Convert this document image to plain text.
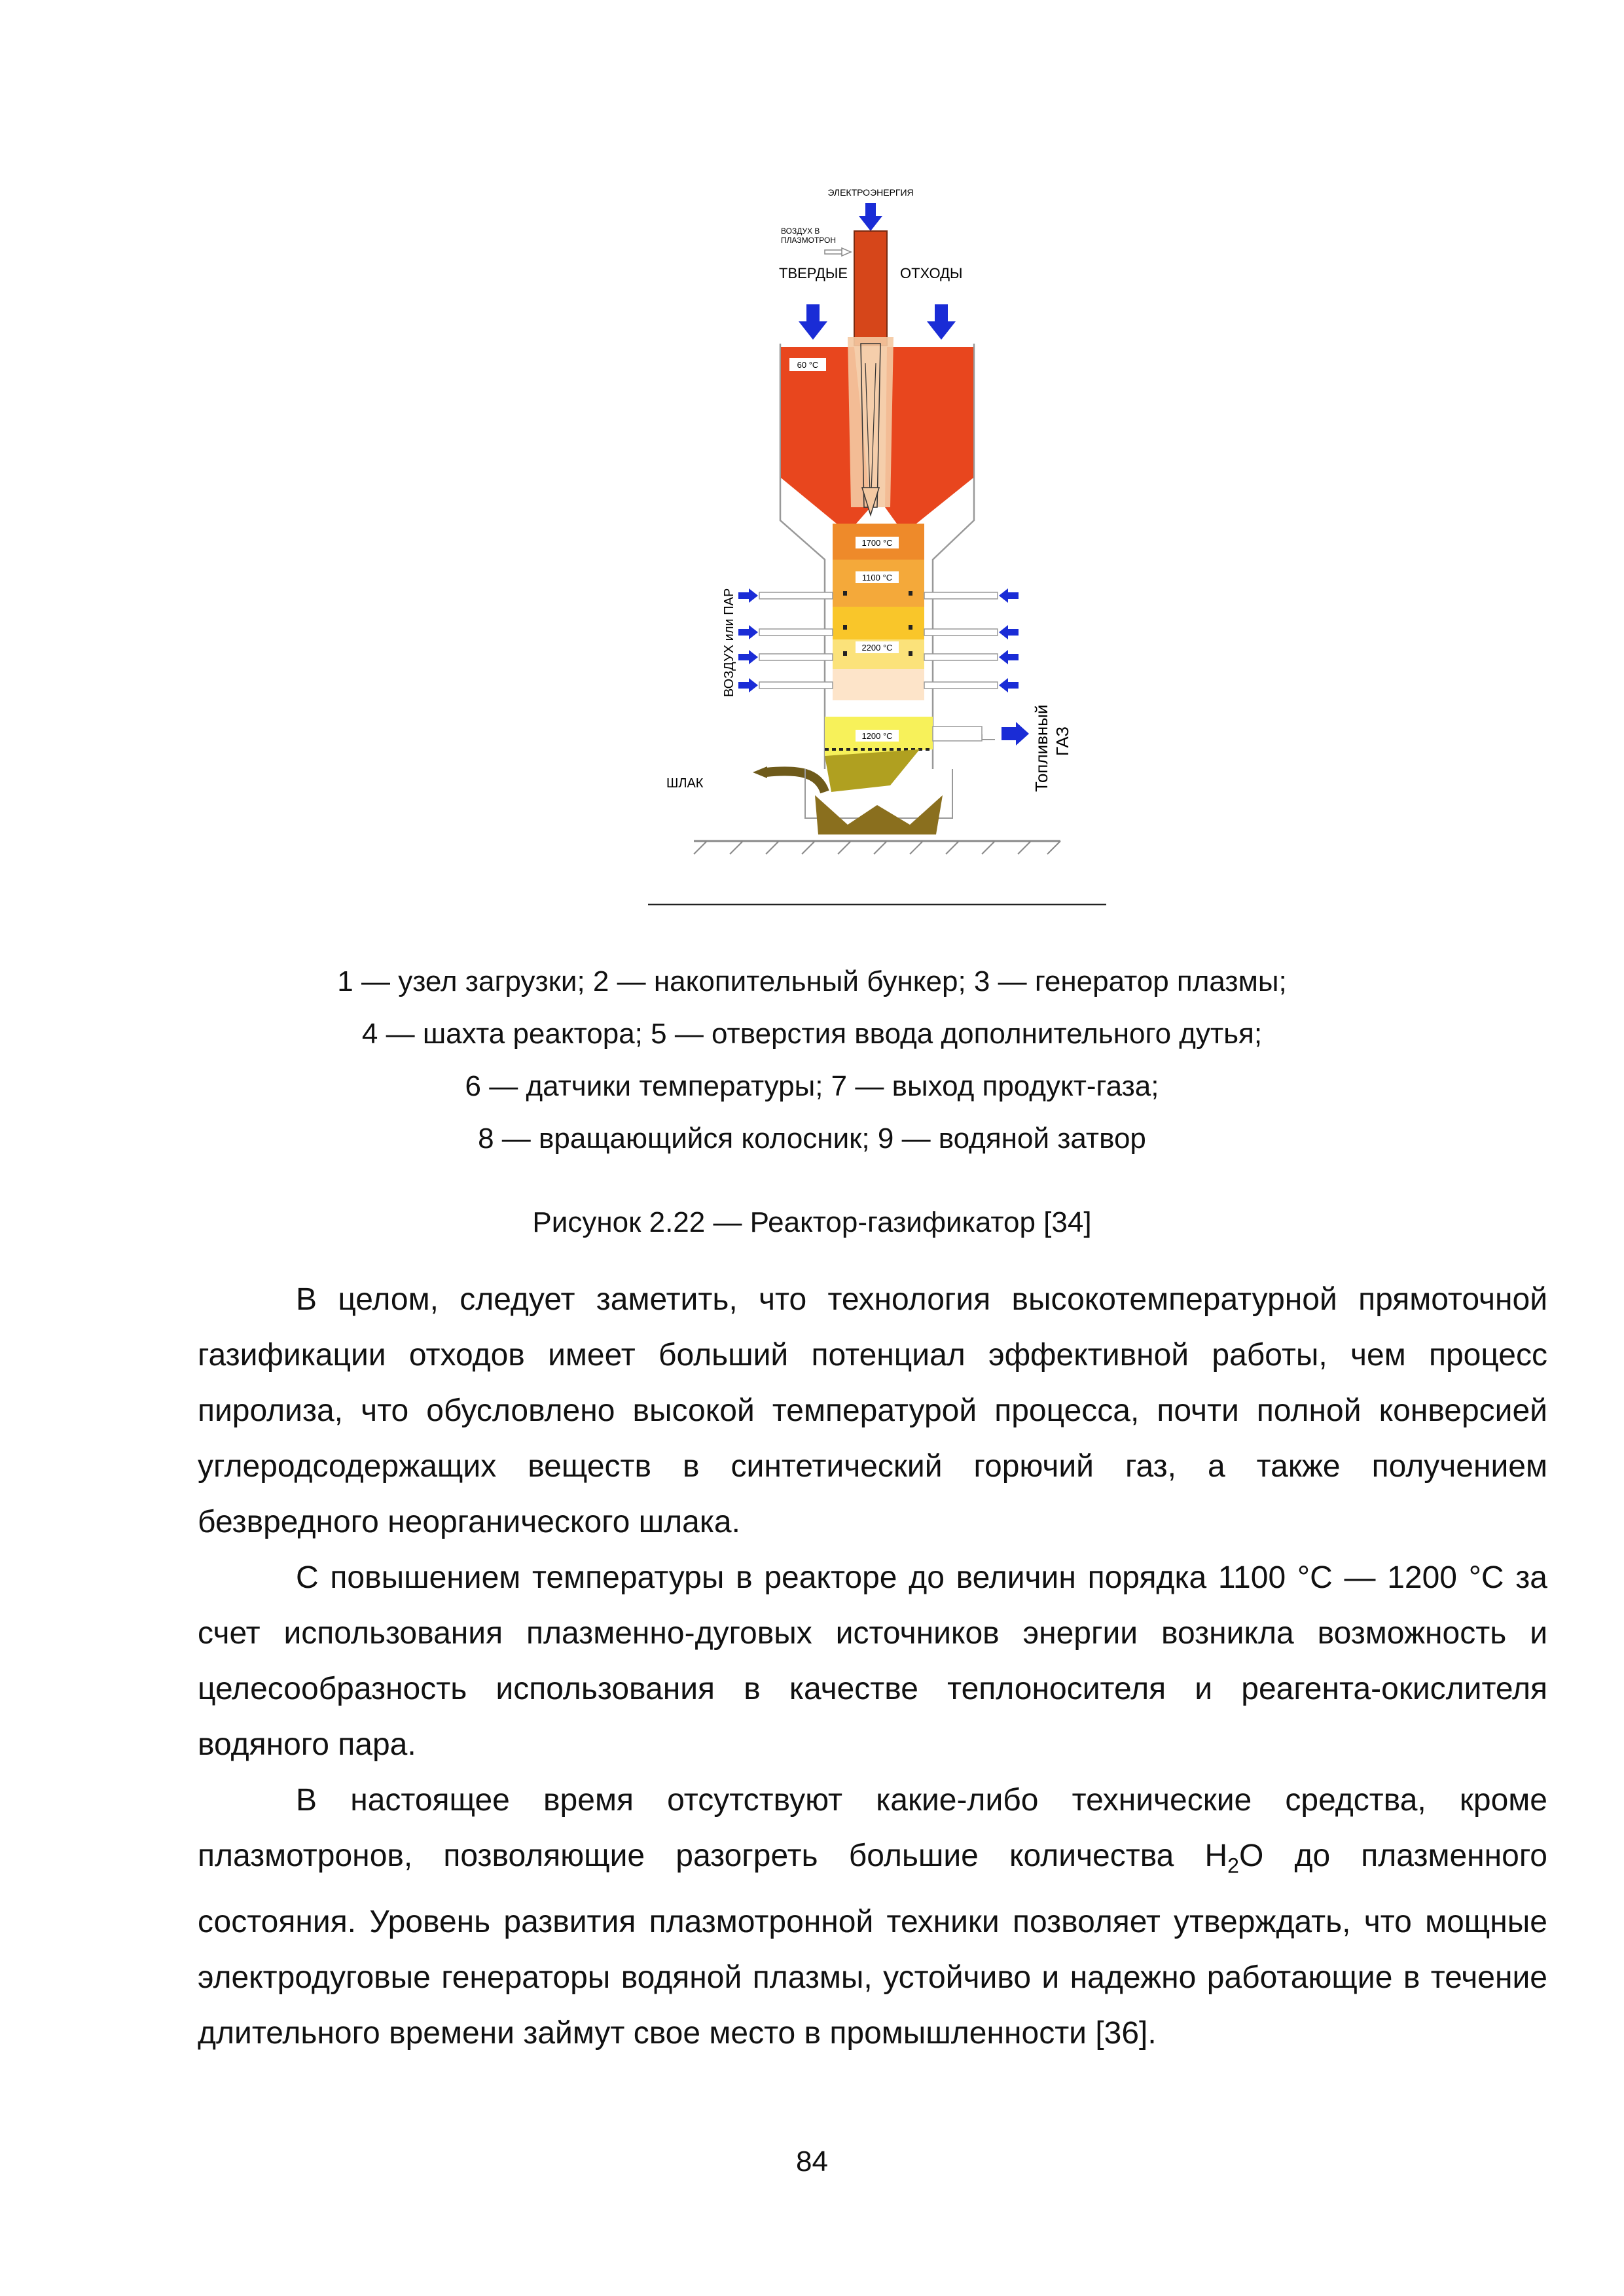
ЭЛЕКТРОЭНЕРГИЯ
ВОЗДУХ В
ПЛАЗМОТРОН
ТВЕРДЫЕ	ОТХОДЫ
60 °С
1700 °С
1100 °С
2200 °С
1200 °С
ВОЗДУХ или ПАР
Топливный ГАЗ
ШЛАК
1 — узел загрузки; 2 — накопительный бункер; 3 — генератор плазмы;
4 — шахта реактора; 5 — отверстия ввода дополнительного дутья;
6 — датчики температуры; 7 — выход продукт-газа;
8 — вращающийся колосник; 9 — водяной затвор
Рисунок 2.22 — Реактор-газификатор [34]
В целом, следует заметить, что технология высокотемпературной прямоточной газификации отходов имеет больший потенциал эффективной работы, чем процесс пиролиза, что обусловлено высокой температурой процесса, почти полной конверсией углеродсодержащих веществ в синтетический горючий газ, а также получением безвредного неорганического шлака.
С повышением температуры в реакторе до величин порядка 1100 °С — 1200 °С за счет использования плазменно-дуговых источников энергии возникла возможность и целесообразность использования в качестве теплоносителя и реагента-окислителя водяного пара.
В настоящее время отсутствуют какие-либо технические средства, кроме плазмотронов, позволяющие разогреть большие количества $H_2O$ до плазменного состояния. Уровень развития плазмотронной техники позволяет утверждать, что мощные электродуговые генераторы водяной плазмы, устойчиво и надежно работающие в течение длительного времени займут свое место в промышленности [36].
84
